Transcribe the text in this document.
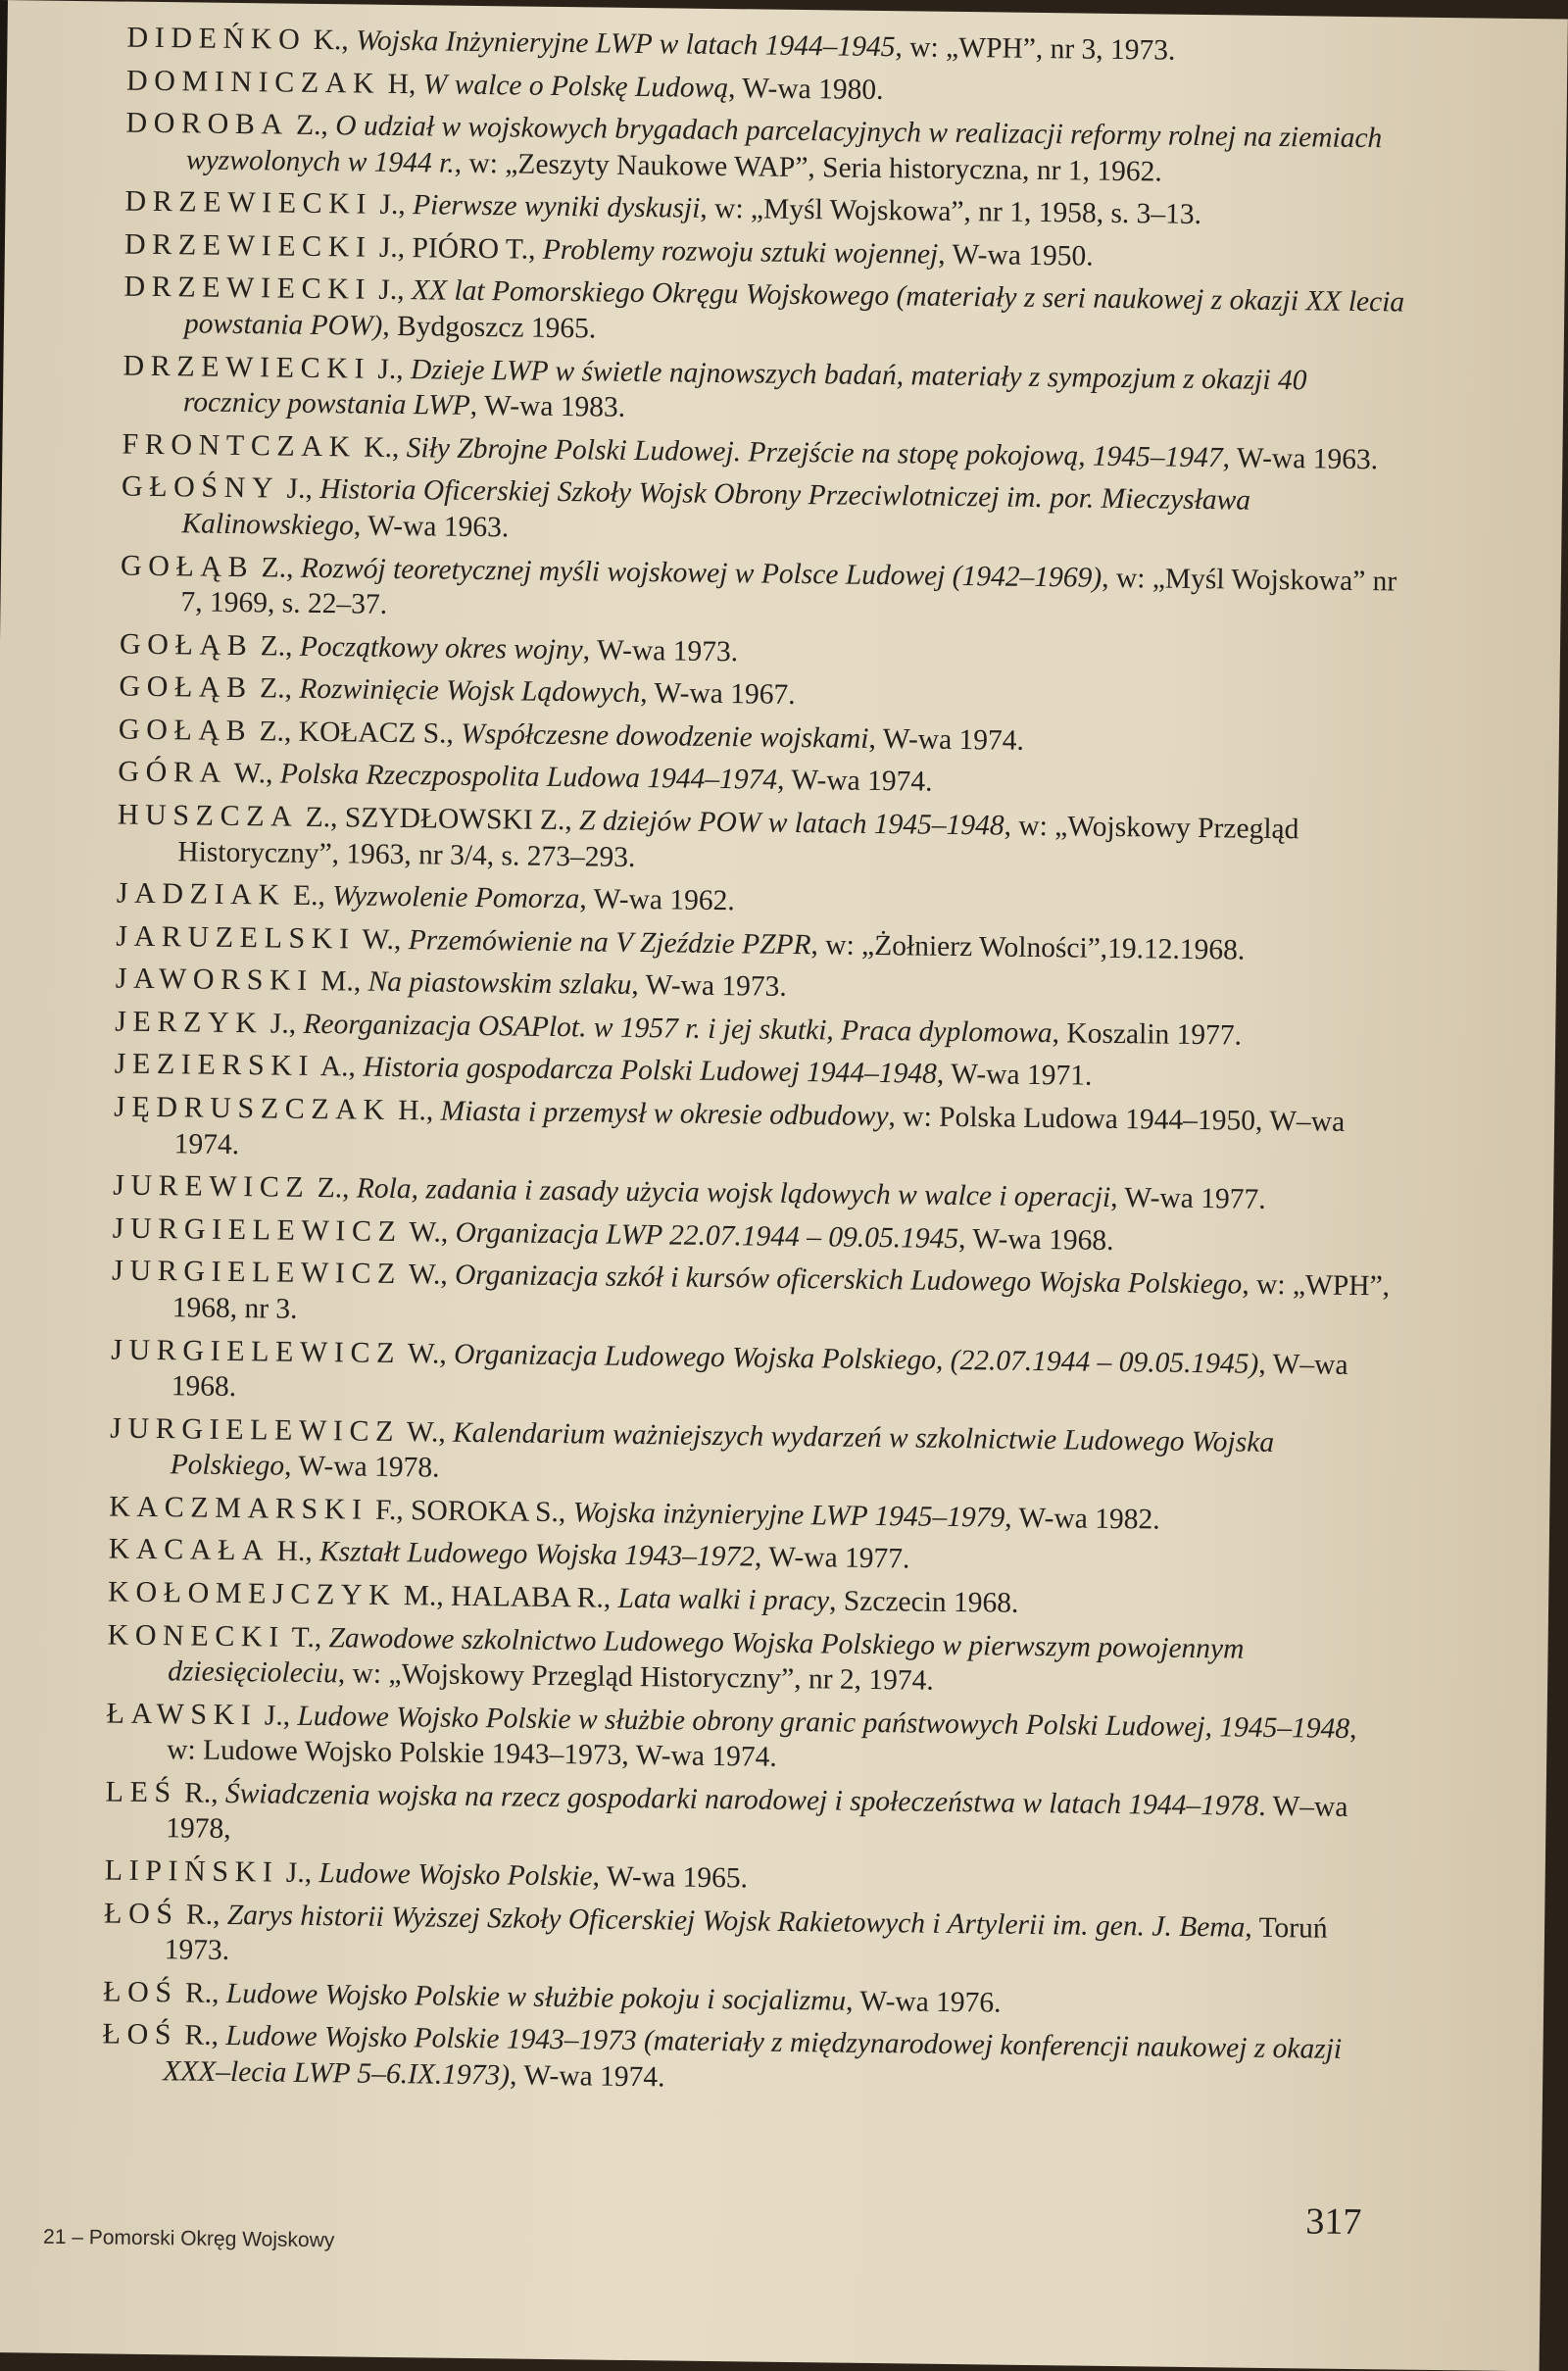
DIDEŃKO K., Wojska Inżynieryjne LWP w latach 1944–1945, w: „WPH”, nr 3, 1973.
DOMINICZAK H, W walce o Polskę Ludową, W-wa 1980.
DOROBA Z., O udział w wojskowych brygadach parcelacyjnych w realizacji reformy rolnej na ziemiach wyzwolonych w 1944 r., w: „Zeszyty Naukowe WAP”, Seria historyczna, nr 1, 1962.
DRZEWIECKI J., Pierwsze wyniki dyskusji, w: „Myśl Wojskowa”, nr 1, 1958, s. 3–13.
DRZEWIECKI J., PIÓRO T., Problemy rozwoju sztuki wojennej, W-wa 1950.
DRZEWIECKI J., XX lat Pomorskiego Okręgu Wojskowego (materiały z seri naukowej z okazji XX lecia powstania POW), Bydgoszcz 1965.
DRZEWIECKI J., Dzieje LWP w świetle najnowszych badań, materiały z sympozjum z okazji 40 rocznicy powstania LWP, W-wa 1983.
FRONTCZAK K., Siły Zbrojne Polski Ludowej. Przejście na stopę pokojową, 1945–1947, W-wa 1963.
GŁOŚNY J., Historia Oficerskiej Szkoły Wojsk Obrony Przeciwlotniczej im. por. Mieczysława Kalinowskiego, W-wa 1963.
GOŁĄB Z., Rozwój teoretycznej myśli wojskowej w Polsce Ludowej (1942–1969), w: „Myśl Wojskowa” nr 7, 1969, s. 22–37.
GOŁĄB Z., Początkowy okres wojny, W-wa 1973.
GOŁĄB Z., Rozwinięcie Wojsk Lądowych, W-wa 1967.
GOŁĄB Z., KOŁACZ S., Współczesne dowodzenie wojskami, W-wa 1974.
GÓRA W., Polska Rzeczpospolita Ludowa 1944–1974, W-wa 1974.
HUSZCZA Z., SZYDŁOWSKI Z., Z dziejów POW w latach 1945–1948, w: „Wojskowy Przegląd Historyczny”, 1963, nr 3/4, s. 273–293.
JADZIAK E., Wyzwolenie Pomorza, W-wa 1962.
JARUZELSKI W., Przemówienie na V Zjeździe PZPR, w: „Żołnierz Wolności”,19.12.1968.
JAWORSKI M., Na piastowskim szlaku, W-wa 1973.
JERZYK J., Reorganizacja OSAPlot. w 1957 r. i jej skutki, Praca dyplomowa, Koszalin 1977.
JEZIERSKI A., Historia gospodarcza Polski Ludowej 1944–1948, W-wa 1971.
JĘDRUSZCZAK H., Miasta i przemysł w okresie odbudowy, w: Polska Ludowa 1944–1950, W–wa 1974.
JUREWICZ Z., Rola, zadania i zasady użycia wojsk lądowych w walce i operacji, W-wa 1977.
JURGIELEWICZ W., Organizacja LWP 22.07.1944 – 09.05.1945, W-wa 1968.
JURGIELEWICZ W., Organizacja szkół i kursów oficerskich Ludowego Wojska Polskiego, w: „WPH”, 1968, nr 3.
JURGIELEWICZ W., Organizacja Ludowego Wojska Polskiego, (22.07.1944 – 09.05.1945), W–wa 1968.
JURGIELEWICZ W., Kalendarium ważniejszych wydarzeń w szkolnictwie Ludowego Wojska Polskiego, W-wa 1978.
KACZMARSKI F., SOROKA S., Wojska inżynieryjne LWP 1945–1979, W-wa 1982.
KACAŁA H., Kształt Ludowego Wojska 1943–1972, W-wa 1977.
KOŁOMEJCZYK M., HALABA R., Lata walki i pracy, Szczecin 1968.
KONECKI T., Zawodowe szkolnictwo Ludowego Wojska Polskiego w pierwszym powojennym dziesięcioleciu, w: „Wojskowy Przegląd Historyczny”, nr 2, 1974.
ŁAWSKI J., Ludowe Wojsko Polskie w służbie obrony granic państwowych Polski Ludowej, 1945–1948, w: Ludowe Wojsko Polskie 1943–1973, W-wa 1974.
LEŚ R., Świadczenia wojska na rzecz gospodarki narodowej i społeczeństwa w latach 1944–1978. W–wa 1978,
LIPIŃSKI J., Ludowe Wojsko Polskie, W-wa 1965.
ŁOŚ R., Zarys historii Wyższej Szkoły Oficerskiej Wojsk Rakietowych i Artylerii im. gen. J. Bema, Toruń 1973.
ŁOŚ R., Ludowe Wojsko Polskie w służbie pokoju i socjalizmu, W-wa 1976.
ŁOŚ R., Ludowe Wojsko Polskie 1943–1973 (materiały z międzynarodowej konferencji naukowej z okazji XXX–lecia LWP 5–6.IX.1973), W-wa 1974.
317
21 – Pomorski Okręg Wojskowy
